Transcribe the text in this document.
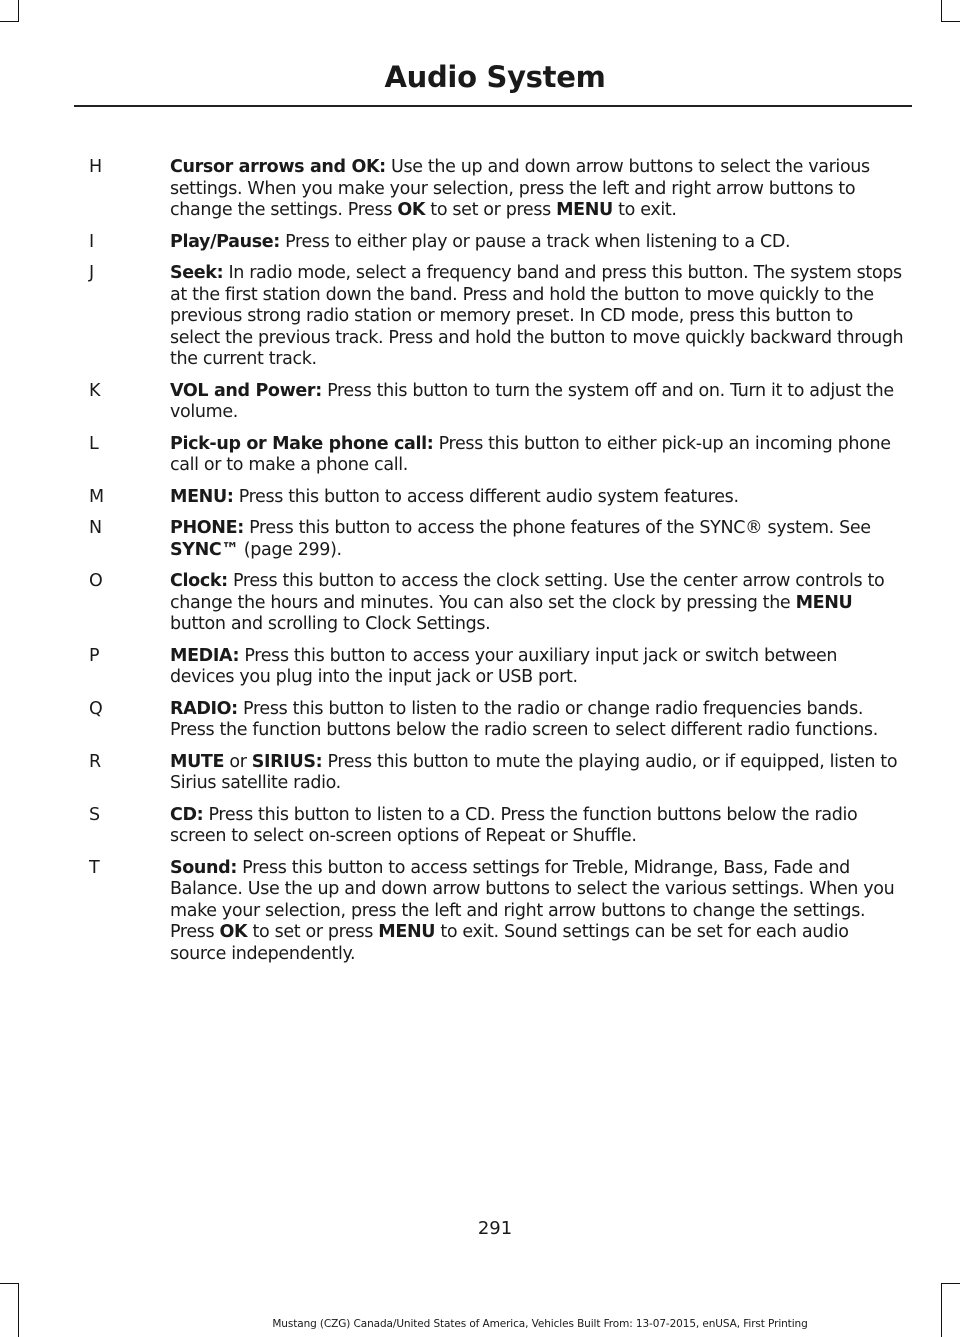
Audio System
H	Cursor arrows and OK: Use the up and down arrow buttons to select the various settings. When you make your selection, press the left and right arrow buttons to change the settings. Press OK to set or press MENU to exit.
I	Play/Pause: Press to either play or pause a track when listening to a CD.
J	Seek: In radio mode, select a frequency band and press this button. The system stops at the first station down the band. Press and hold the button to move quickly to the previous strong radio station or memory preset. In CD mode, press this button to select the previous track. Press and hold the button to move quickly backward through the current track.
K	VOL and Power: Press this button to turn the system off and on. Turn it to adjust the volume.
L	Pick-up or Make phone call: Press this button to either pick-up an incoming phone call or to make a phone call.
M	MENU: Press this button to access different audio system features.
N	PHONE: Press this button to access the phone features of the SYNC® system. See SYNC™ (page 299).
O	Clock: Press this button to access the clock setting. Use the center arrow controls to change the hours and minutes. You can also set the clock by pressing the MENU button and scrolling to Clock Settings.
P	MEDIA: Press this button to access your auxiliary input jack or switch between devices you plug into the input jack or USB port.
Q	RADIO: Press this button to listen to the radio or change radio frequencies bands. Press the function buttons below the radio screen to select different radio functions.
R	MUTE or SIRIUS: Press this button to mute the playing audio, or if equipped, listen to Sirius satellite radio.
S	CD: Press this button to listen to a CD. Press the function buttons below the radio screen to select on-screen options of Repeat or Shuffle.
T	Sound: Press this button to access settings for Treble, Midrange, Bass, Fade and Balance. Use the up and down arrow buttons to select the various settings. When you make your selection, press the left and right arrow buttons to change the settings. Press OK to set or press MENU to exit. Sound settings can be set for each audio source independently.
291
Mustang (CZG) Canada/United States of America, Vehicles Built From: 13-07-2015, enUSA, First Printing
